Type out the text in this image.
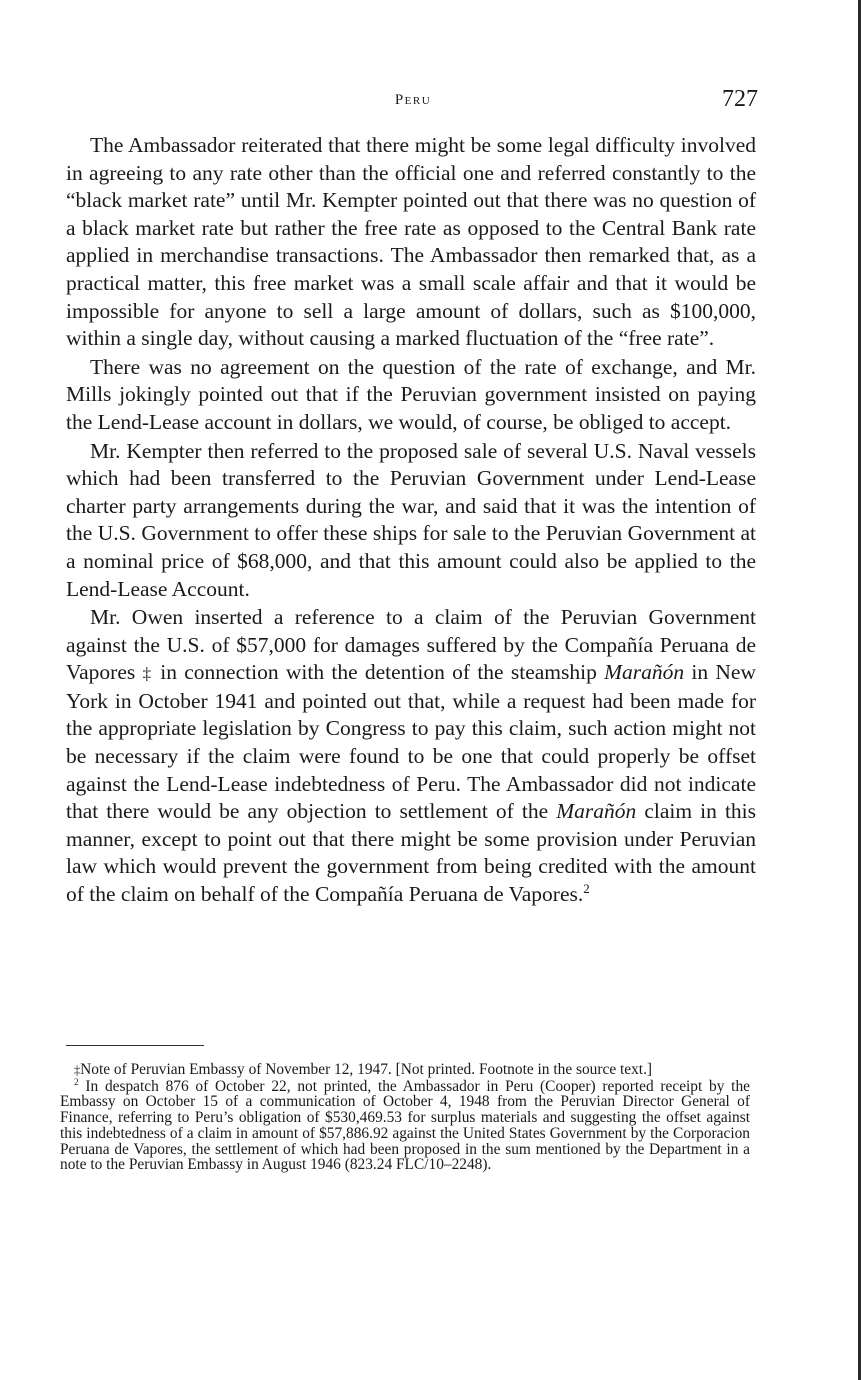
Peru	727

The Ambassador reiterated that there might be some legal difficulty involved in agreeing to any rate other than the official one and referred constantly to the “black market rate” until Mr. Kempter pointed out that there was no question of a black market rate but rather the free rate as opposed to the Central Bank rate applied in merchandise transactions. The Ambassador then remarked that, as a practical matter, this free market was a small scale affair and that it would be impossible for anyone to sell a large amount of dollars, such as $100,000, within a single day, without causing a marked fluctuation of the “free rate”.

There was no agreement on the question of the rate of exchange, and Mr. Mills jokingly pointed out that if the Peruvian government insisted on paying the Lend-Lease account in dollars, we would, of course, be obliged to accept.

Mr. Kempter then referred to the proposed sale of several U.S. Naval vessels which had been transferred to the Peruvian Government under Lend-Lease charter party arrangements during the war, and said that it was the intention of the U.S. Government to offer these ships for sale to the Peruvian Government at a nominal price of $68,000, and that this amount could also be applied to the Lend-Lease Account.

Mr. Owen inserted a reference to a claim of the Peruvian Government against the U.S. of $57,000 for damages suffered by the Compañía Peruana de Vapores ‡ in connection with the detention of the steamship Marañón in New York in October 1941 and pointed out that, while a request had been made for the appropriate legislation by Congress to pay this claim, such action might not be necessary if the claim were found to be one that could properly be offset against the Lend-Lease indebtedness of Peru. The Ambassador did not indicate that there would be any objection to settlement of the Marañón claim in this manner, except to point out that there might be some provision under Peruvian law which would prevent the government from being credited with the amount of the claim on behalf of the Compañía Peruana de Vapores.$^2$

‡Note of Peruvian Embassy of November 12, 1947. [Not printed. Footnote in the source text.]

$^2$ In despatch 876 of October 22, not printed, the Ambassador in Peru (Cooper) reported receipt by the Embassy on October 15 of a communication of October 4, 1948 from the Peruvian Director General of Finance, referring to Peru’s obligation of $530,469.53 for surplus materials and suggesting the offset against this indebtedness of a claim in amount of $57,886.92 against the United States Government by the Corporacion Peruana de Vapores, the settlement of which had been proposed in the sum mentioned by the Department in a note to the Peruvian Embassy in August 1946 (823.24 FLC/10–2248).
